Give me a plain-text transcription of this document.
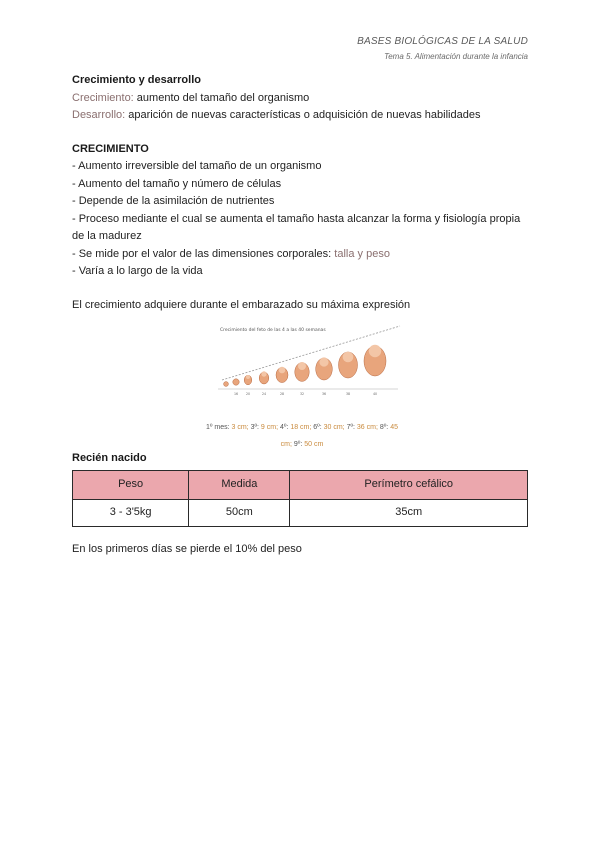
BASES BIOLÓGICAS DE LA SALUD
Tema 5. Alimentación durante la infancia
Crecimiento y desarrollo
Crecimiento: aumento del tamaño del organismo
Desarrollo: aparición de nuevas características o adquisición de nuevas habilidades
CRECIMIENTO
- Aumento irreversible del tamaño de un organismo
- Aumento del tamaño y número de células
- Depende de la asimilación de nutrientes
- Proceso mediante el cual se aumenta el tamaño hasta alcanzar la forma y fisiología propia de la madurez
- Se mide por el valor de las dimensiones corporales: talla y peso
- Varía a lo largo de la vida
El crecimiento adquiere durante el embarazado su máxima expresión
Crecimiento del feto de las 4 a las 40 semanas
16 20	24	28	32	36	38	40
1º mes: 3 cm; 3º: 9 cm; 4º: 18 cm; 6º: 30 cm; 7º: 36 cm; 8º: 45 cm; 9º: 50 cm
Recién nacido
Peso	Medida	Perímetro cefálico
3 - 3'5kg	50cm	35cm
En los primeros días se pierde el 10% del peso
